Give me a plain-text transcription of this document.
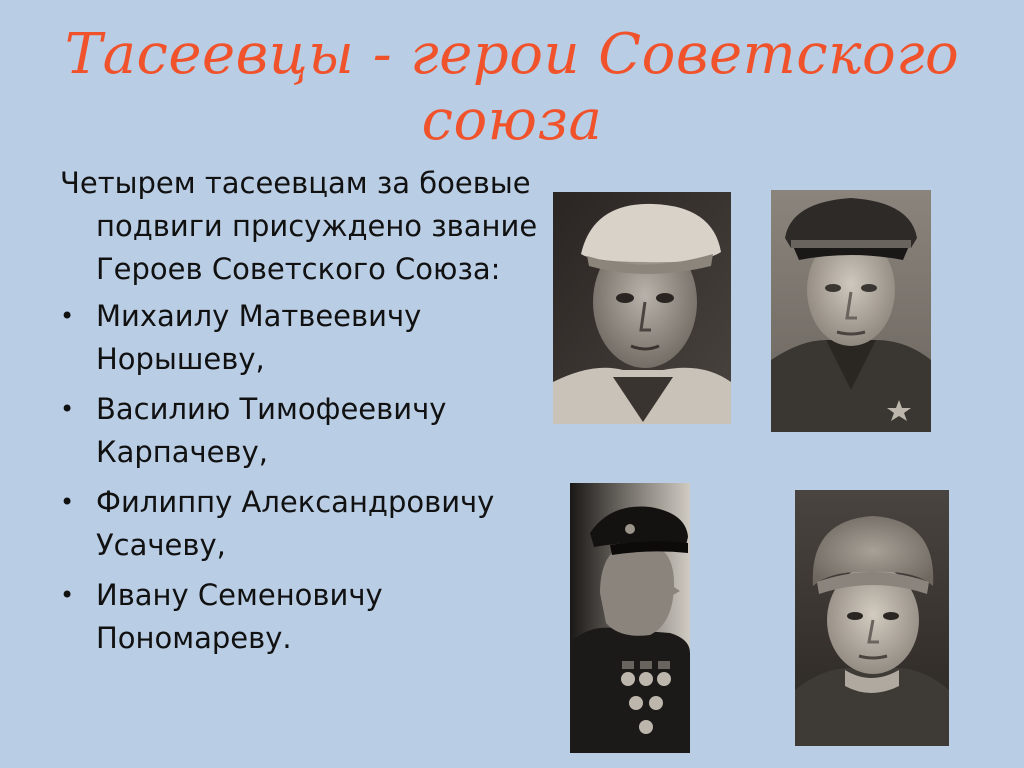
Тасеевцы - герои Советского
союза

Четырем тасеевцам за боевые подвиги присуждено звание Героев Советского Союза:

• Михаилу Матвеевичу Норышеву,
• Василию Тимофеевичу Карпачеву,
• Филиппу Александровичу Усачеву,
• Ивану Семеновичу Пономареву.
